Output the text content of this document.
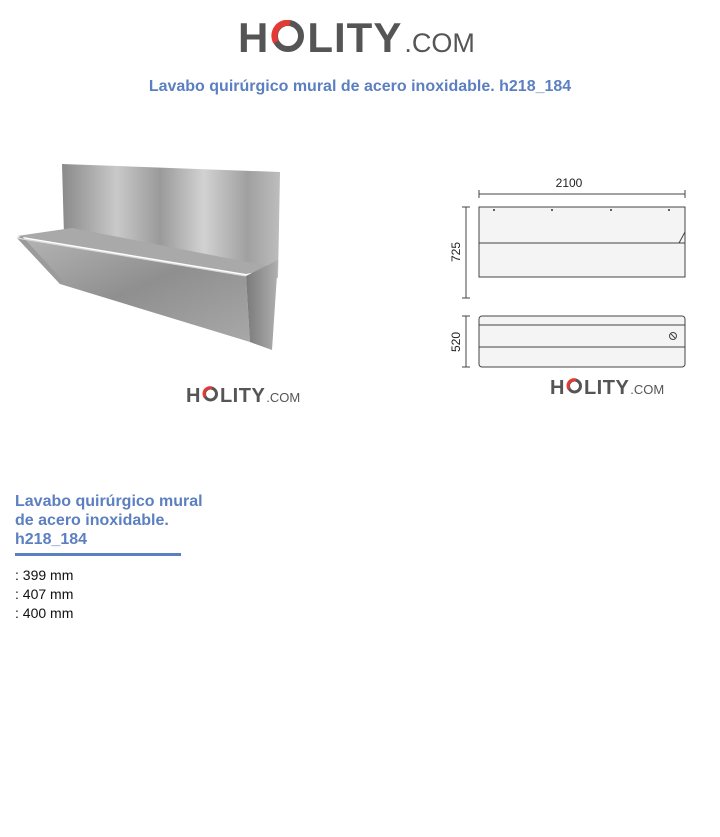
H LITY .COM
Lavabo quirúrgico mural de acero inoxidable. h218_184
H LITY .COM
2100
725
520
H LITY .COM
Lavabo quirúrgico mural de acero inoxidable. h218_184
: 399 mm
: 407 mm
: 400 mm
